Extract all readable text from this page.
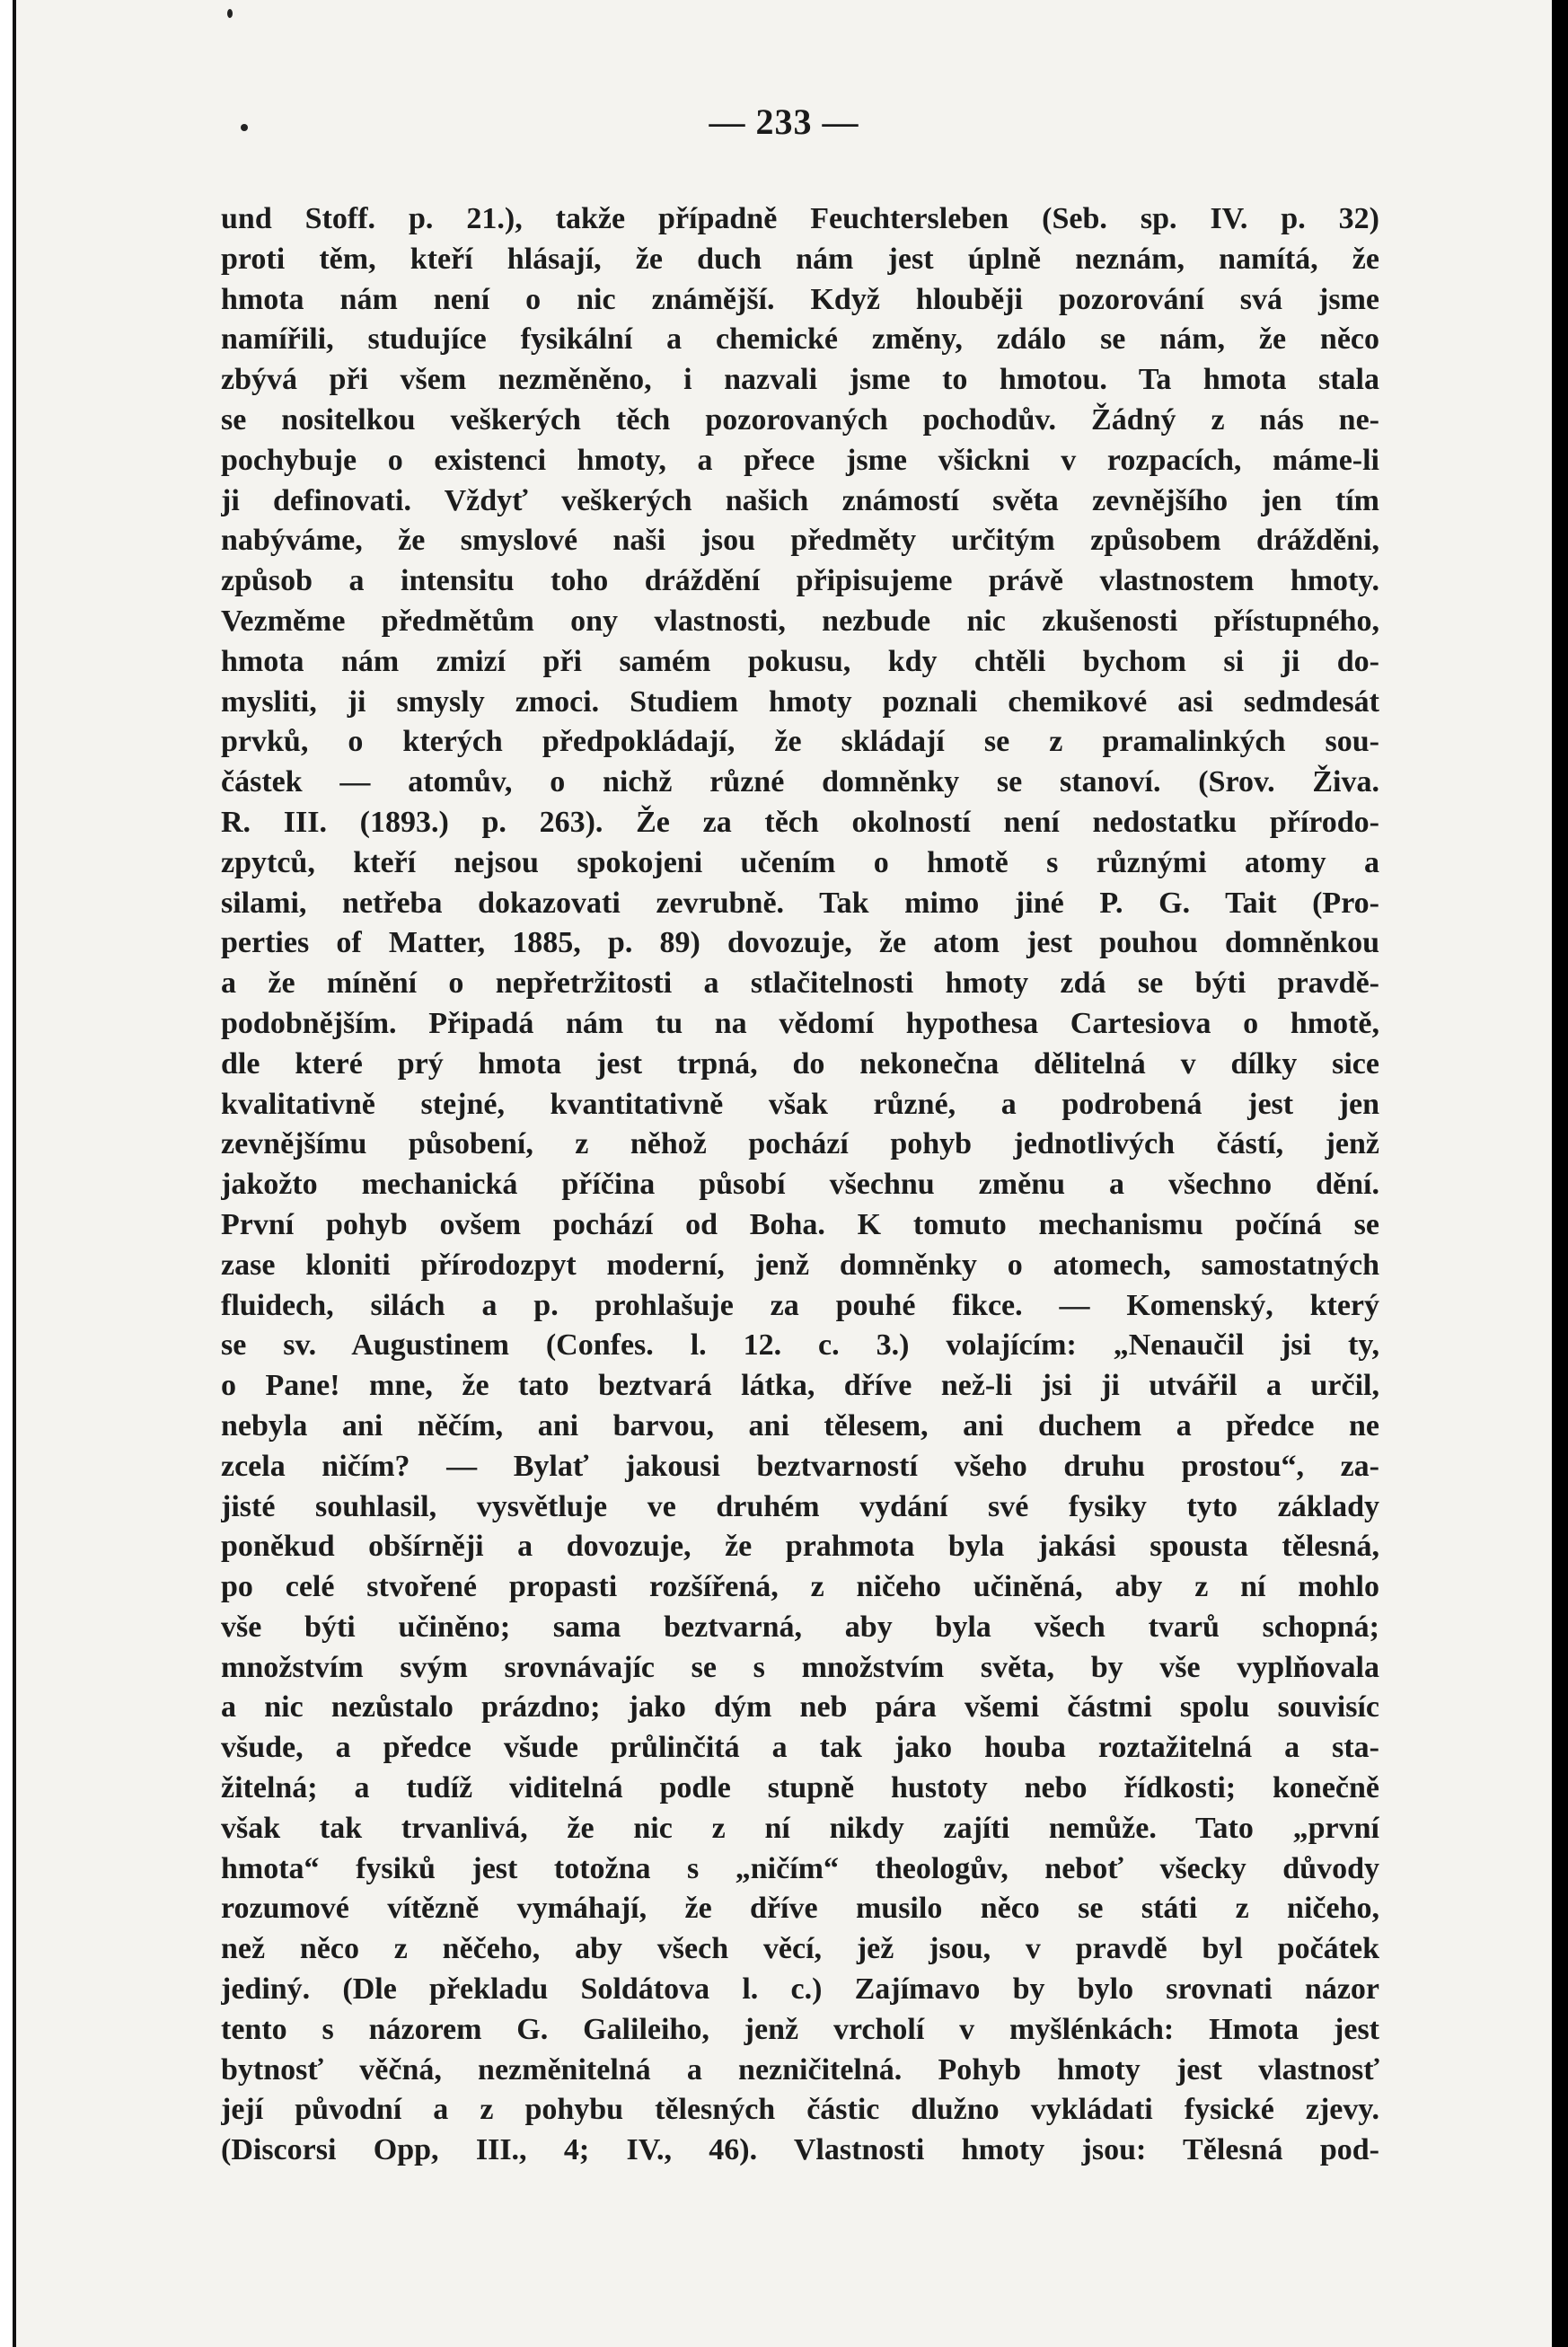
— 233 —
und Stoff. p. 21.), takže případně Feuchtersleben (Seb. sp. IV. p. 32)
proti těm, kteří hlásají, že duch nám jest úplně neznám, namítá, že
hmota nám není o nic známější. Když hlouběji pozorování svá jsme
namířili, studujíce fysikální a chemické změny, zdálo se nám, že něco
zbývá při všem nezměněno, i nazvali jsme to hmotou. Ta hmota stala
se nositelkou veškerých těch pozorovaných pochodův. Žádný z nás ne-
pochybuje o existenci hmoty, a přece jsme všickni v rozpacích, máme-li
ji definovati. Vždyť veškerých našich známostí světa zevnějšího jen tím
nabýváme, že smyslové naši jsou předměty určitým způsobem drážděni,
způsob a intensitu toho dráždění připisujeme právě vlastnostem hmoty.
Vezměme předmětům ony vlastnosti, nezbude nic zkušenosti přístupného,
hmota nám zmizí při samém pokusu, kdy chtěli bychom si ji do-
mysliti, ji smysly zmoci. Studiem hmoty poznali chemikové asi sedmdesát
prvků, o kterých předpokládají, že skládají se z pramalinkých sou-
částek — atomův, o nichž různé domněnky se stanoví. (Srov. Živa.
R. III. (1893.) p. 263). Že za těch okolností není nedostatku přírodo-
zpytců, kteří nejsou spokojeni učením o hmotě s různými atomy a
silami, netřeba dokazovati zevrubně. Tak mimo jiné P. G. Tait (Pro-
perties of Matter, 1885, p. 89) dovozuje, že atom jest pouhou domněnkou
a že mínění o nepřetržitosti a stlačitelnosti hmoty zdá se býti pravdě-
podobnějším. Připadá nám tu na vědomí hypothesa Cartesiova o hmotě,
dle které prý hmota jest trpná, do nekonečna dělitelná v dílky sice
kvalitativně stejné, kvantitativně však různé, a podrobená jest jen
zevnějšímu působení, z něhož pochází pohyb jednotlivých částí, jenž
jakožto mechanická příčina působí všechnu změnu a všechno dění.
První pohyb ovšem pochází od Boha. K tomuto mechanismu počíná se
zase kloniti přírodozpyt moderní, jenž domněnky o atomech, samostatných
fluidech, silách a p. prohlašuje za pouhé fikce. — Komenský, který
se sv. Augustinem (Confes. l. 12. c. 3.) volajícím: „Nenaučil jsi ty,
o Pane! mne, že tato beztvará látka, dříve než-li jsi ji utvářil a určil,
nebyla ani něčím, ani barvou, ani tělesem, ani duchem a předce ne
zcela ničím? — Bylať jakousi beztvarností všeho druhu prostou“, za-
jisté souhlasil, vysvětluje ve druhém vydání své fysiky tyto základy
poněkud obšírněji a dovozuje, že prahmota byla jakási spousta tělesná,
po celé stvořené propasti rozšířená, z ničeho učiněná, aby z ní mohlo
vše býti učiněno; sama beztvarná, aby byla všech tvarů schopná;
množstvím svým srovnávajíc se s množstvím světa, by vše vyplňovala
a nic nezůstalo prázdno; jako dým neb pára všemi částmi spolu souvisíc
všude, a předce všude průlinčitá a tak jako houba roztažitelná a sta-
žitelná; a tudíž viditelná podle stupně hustoty nebo řídkosti; konečně
však tak trvanlivá, že nic z ní nikdy zajíti nemůže. Tato „první
hmota“ fysiků jest totožna s „ničím“ theologův, neboť všecky důvody
rozumové vítězně vymáhají, že dříve musilo něco se státi z ničeho,
než něco z něčeho, aby všech věcí, jež jsou, v pravdě byl počátek
jediný. (Dle překladu Soldátova l. c.) Zajímavo by bylo srovnati názor
tento s názorem G. Galileiho, jenž vrcholí v myšlénkách: Hmota jest
bytnosť věčná, nezměnitelná a nezničitelná. Pohyb hmoty jest vlastnosť
její původní a z pohybu tělesných částic dlužno vykládati fysické zjevy.
(Discorsi Opp, III., 4; IV., 46). Vlastnosti hmoty jsou: Tělesná pod-
